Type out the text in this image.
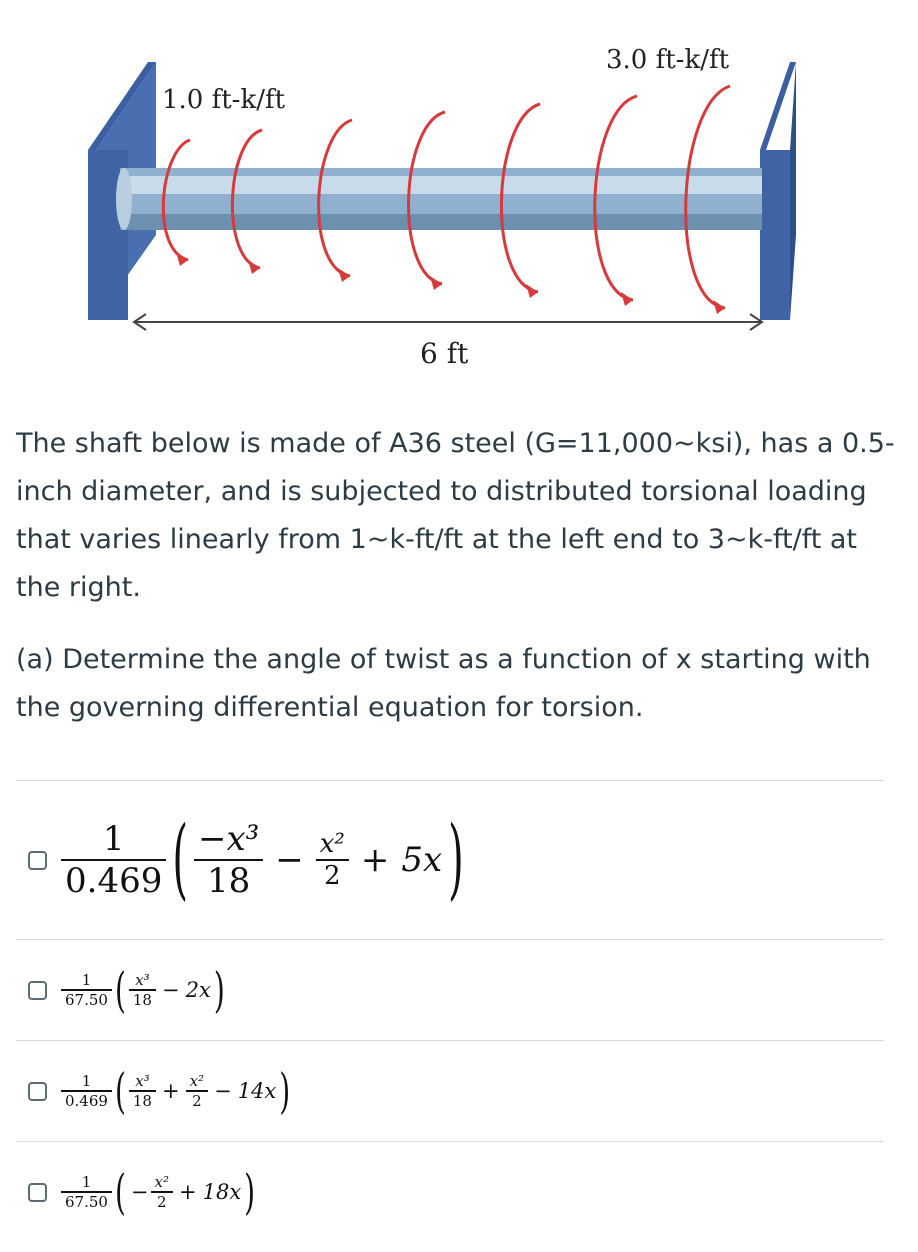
1.0 ft-k/ft
3.0 ft-k/ft
6 ft

The shaft below is made of A36 steel (G=11,000~ksi), has a 0.5-inch diameter, and is subjected to distributed torsional loading that varies linearly from 1~k-ft/ft at the left end to 3~k-ft/ft at the right.

(a) Determine the angle of twist as a function of x starting with the governing differential equation for torsion.

$\frac{1}{0.469}$ ( $\frac{\text{−x³}}{18} - \frac{\text{x²}}{2} + 5x$ )
$\frac{1}{67.50}$ ( $\frac{\text{x³}}{18} - 2x$ )
$\frac{1}{0.469}$ ( $\frac{\text{x³}}{18} + \frac{\text{x²}}{2} - 14x$ )
$\frac{1}{67.50}$ ( − $\frac{\text{x²}}{2} + 18x$ )
